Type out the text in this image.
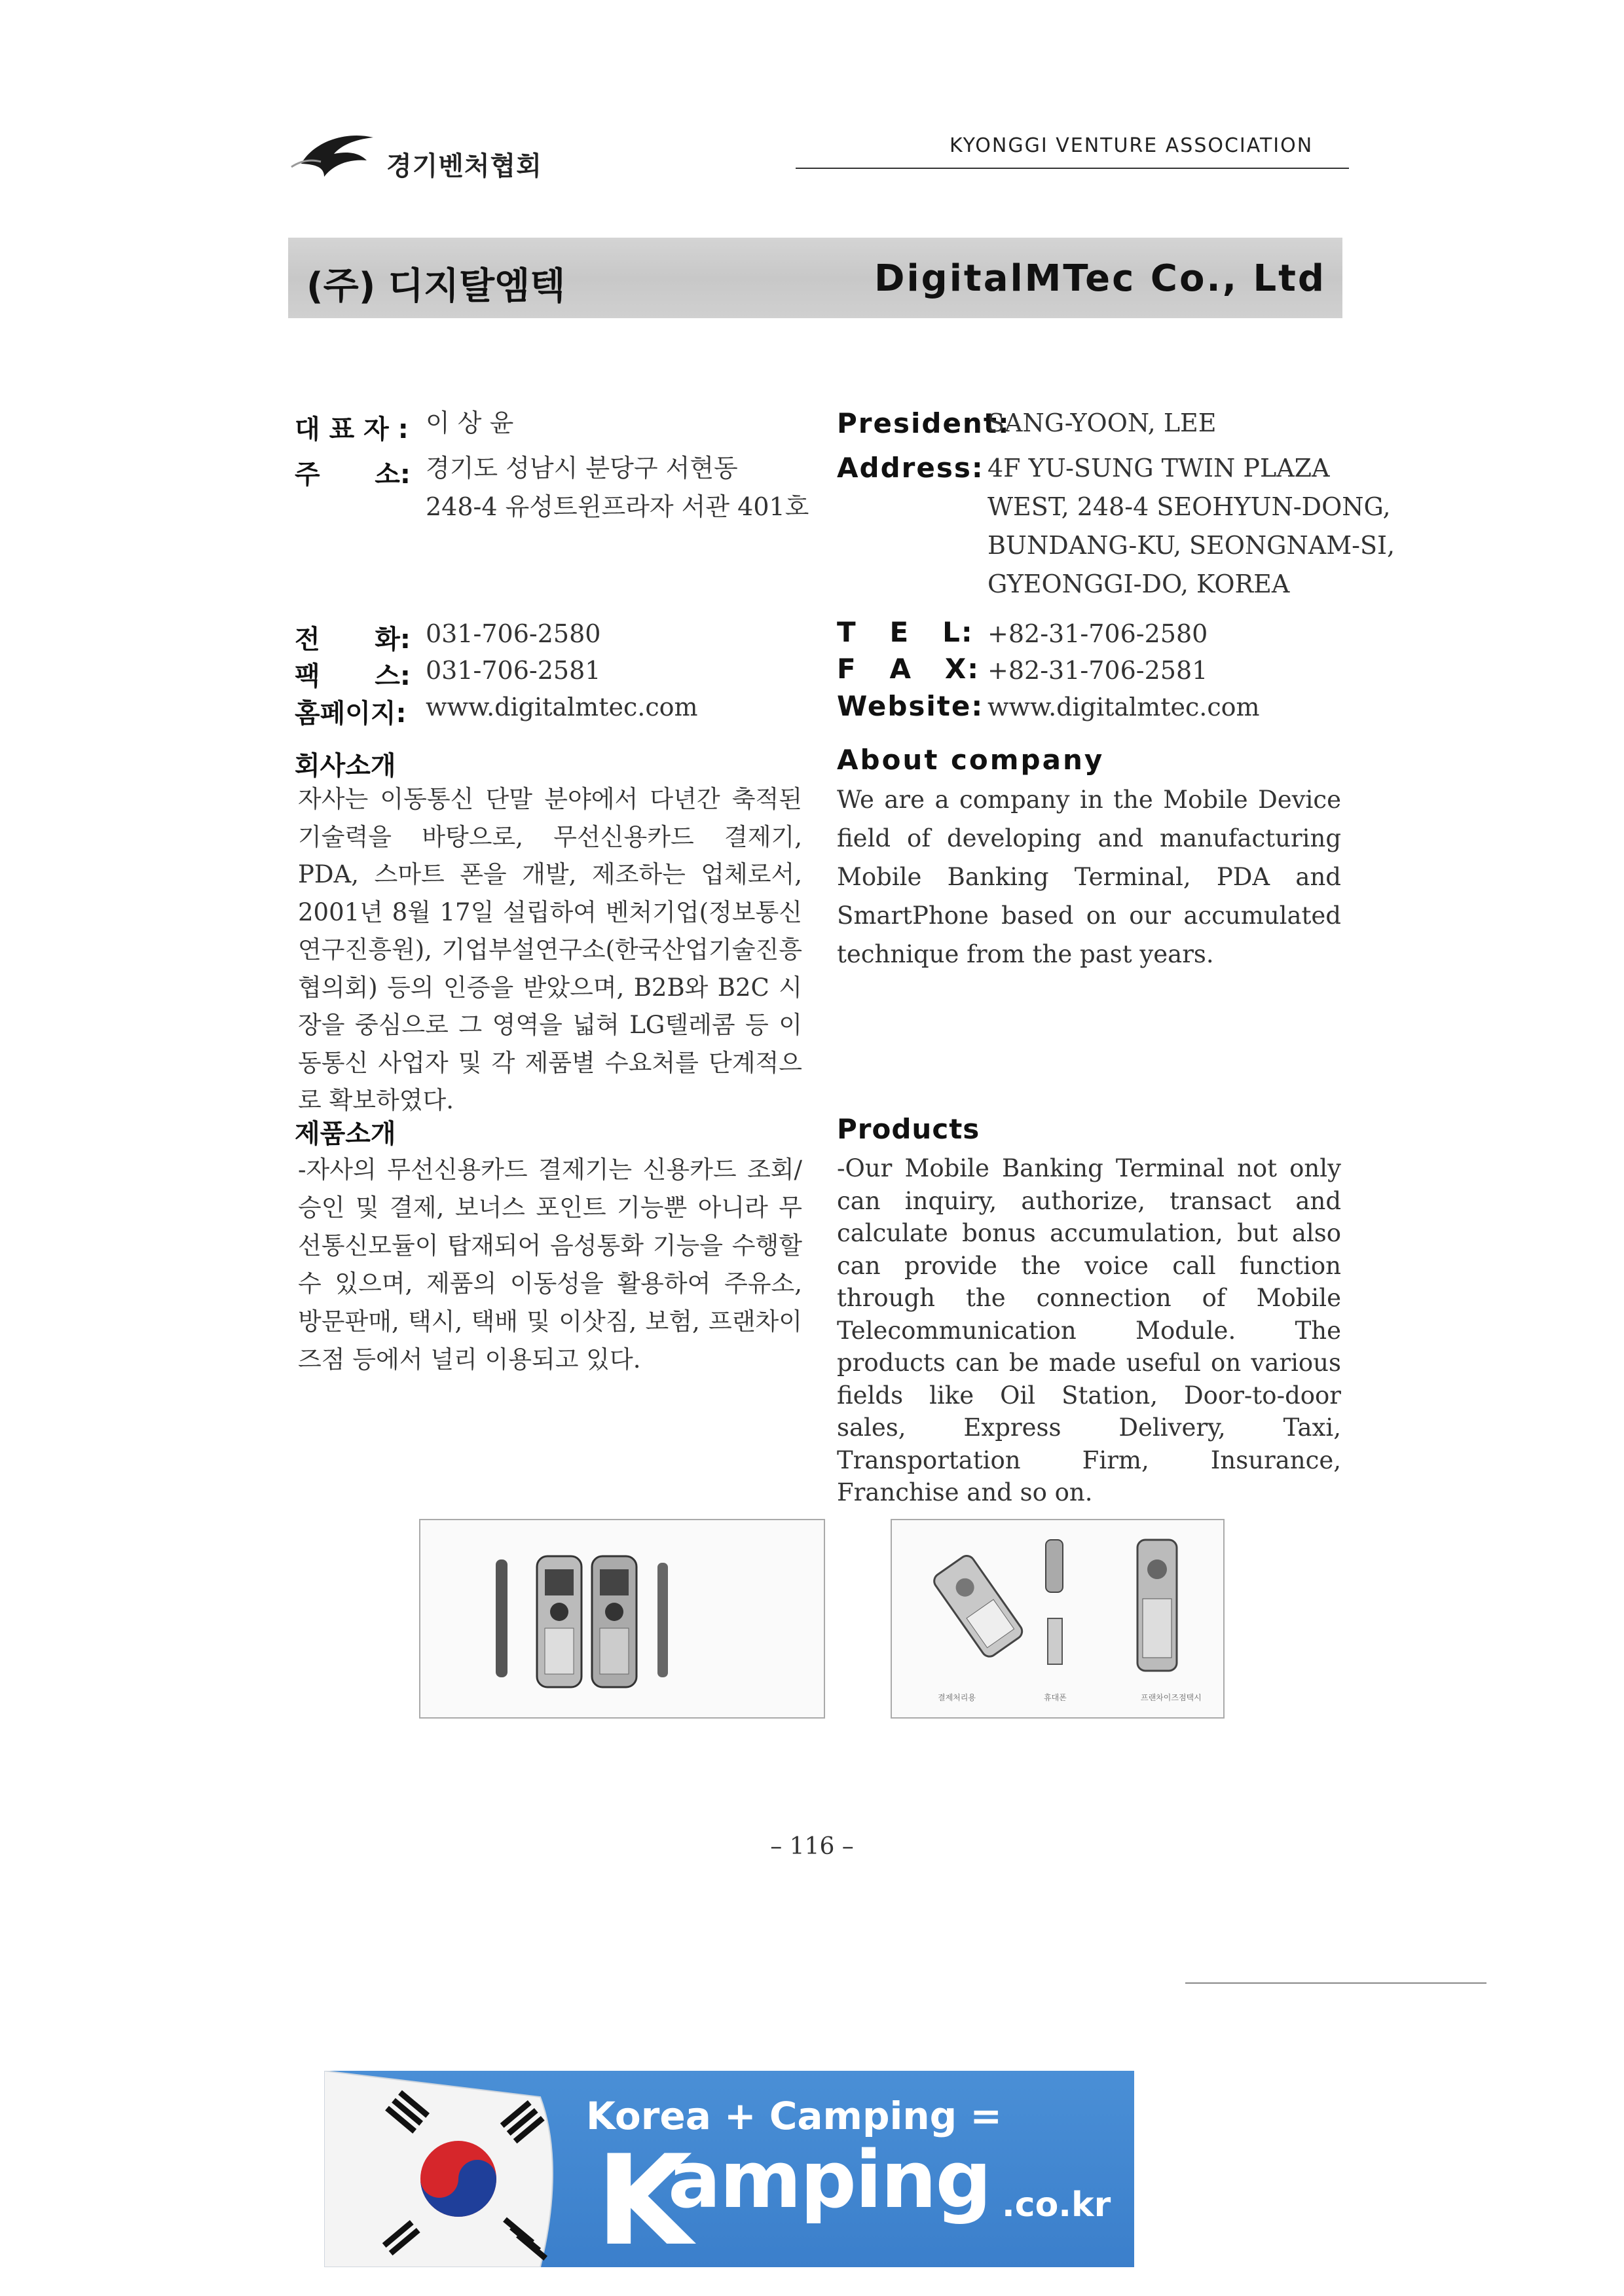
경기벤처협회
KYONGGI VENTURE ASSOCIATION
(주) 디지탈엠텍	DigitalMTec Co., Ltd
대 표 자 : 이 상 윤
주      소: 경기도 성남시 분당구 서현동
248-4 유성트윈프라자 서관 401호
전      화: 031-706-2580
팩      스: 031-706-2581
홈페이지: www.digitalmtec.com
President:
SANG-YOON, LEE
Address: 4F YU-SUNG TWIN PLAZA
WEST, 248-4 SEOHYUN-DONG,
BUNDANG-KU, SEONGNAM-SI,
GYEONGGI-DO, KOREA
T   E   L: +82-31-706-2580
F   A   X: +82-31-706-2581
Website: www.digitalmtec.com
회사소개	About company
자사는 이동통신 단말 분야에서 다년간 축적된 기술력을 바탕으로, 무선신용카드 결제기, PDA, 스마트 폰을 개발, 제조하는 업체로서, 2001년 8월 17일 설립하여 벤처기업(정보통신연구진흥원), 기업부설연구소(한국산업기술진흥협의회) 등의 인증을 받았으며, B2B와 B2C 시장을 중심으로 그 영역을 넓혀 LG텔레콤 등 이동통신 사업자 및 각 제품별 수요처를 단계적으로 확보하였다.
We are a company in the Mobile Device field of developing and manufacturing Mobile Banking Terminal, PDA and SmartPhone based on our accumulated technique from the past years.
제품소개	Products
-자사의 무선신용카드 결제기는 신용카드 조회/승인 및 결제, 보너스 포인트 기능뿐 아니라 무선통신모듈이 탑재되어 음성통화 기능을 수행할 수 있으며, 제품의 이동성을 활용하여 주유소, 방문판매, 택시, 택배 및 이삿짐, 보험, 프랜차이즈점 등에서 널리 이용되고 있다.
-Our Mobile Banking Terminal not only can inquiry, authorize, transact and calculate bonus accumulation, but also can provide the voice call function through the connection of Mobile Telecommunication Module. The products can be made useful on various fields like Oil Station, Door-to-door sales, Express Delivery, Taxi, Transportation Firm, Insurance, Franchise and so on.
결제처리용	휴대폰	프랜차이즈점택시
– 116 –
Korea + Camping =
K
amping .co.kr
